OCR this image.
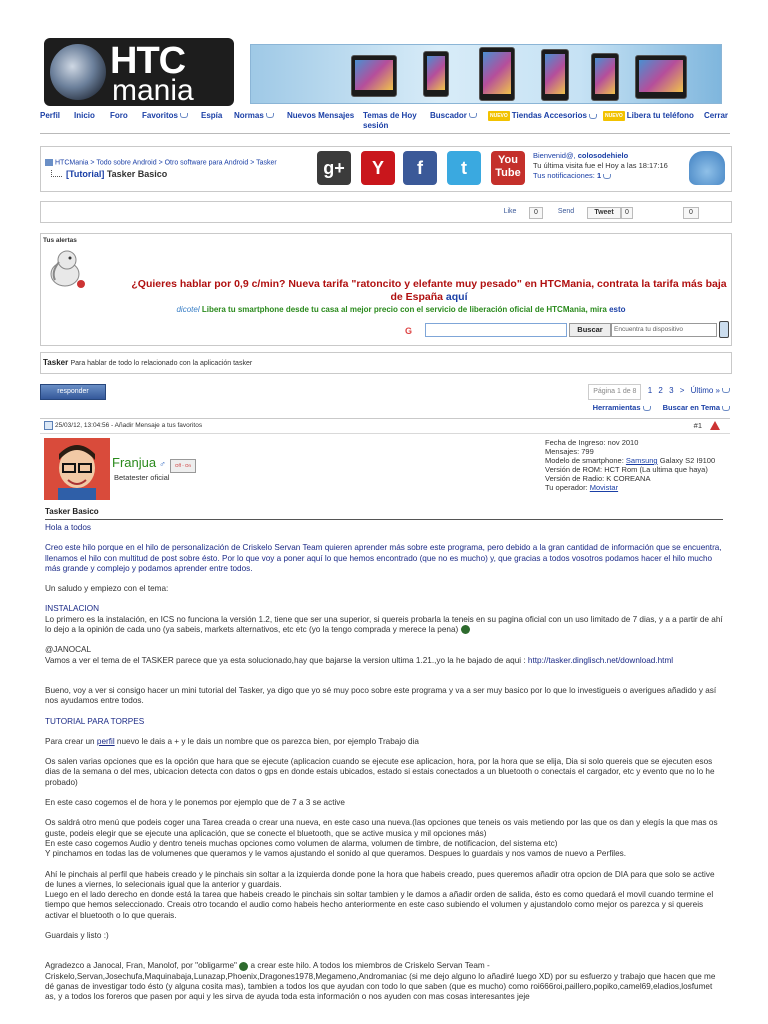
HTC
mania
Perfil Inicio Foro Favoritos	Espía Normas	Nuevos Mensajes Temas de Hoy sesión
Buscador	NUEVO Tiendas Accesorios	NUEVO Libera tu teléfono Cerrar
HTCMania > Todo sobre Android > Otro software para Android > Tasker
[Tutorial] Tasker Basico	g+	Y	f	t	You Tube
Bienvenid@, colosodehielo
Tu última visita fue el Hoy a las 18:17:16
Tus notificaciones: 1
Like	0	Send	Tweet	0	0
Tus alertas
¿Quieres hablar por 0,9 c/min? Nueva tarifa "ratoncito y elefante muy pesado" en HTCMania, contrata la tarifa más baja de España aquí
dicotel Libera tu smartphone desde tu casa al mejor precio con el servicio de liberación oficial de HTCMania, mira esto
G	Buscar	Encuentra tu dispositivo
Tasker Para hablar de todo lo relacionado con la aplicación tasker
responder	Página 1 de 8 1 2 3 > Último »
Herramientas	Buscar en Tema
25/03/12, 13:04:56 - Añadir Mensaje a tus favoritos	#1
Franjua ♂	Off - On
Betatester oficial
Fecha de Ingreso: nov 2010
Mensajes: 799
Modelo de smartphone: Samsung Galaxy S2 I9100
Versión de ROM: HCT Rom (La ultima que haya)
Versión de Radio: K COREANA
Tu operador: Movistar
Tasker Basico

Hola a todos

Creo este hilo porque en el hilo de personalización de Criskelo Servan Team quieren aprender más sobre este programa, pero debido a la gran cantidad de información que se encuentra, llenamos el hilo con multitud de post sobre ésto. Por lo que voy a poner aquí lo que hemos encontrado (que no es mucho) y, que gracias a todos vosotros podamos hacer el hilo mucho más grande y complejo y podamos aprender entre todos.

Un saludo y empiezo con el tema:

INSTALACION

Lo primero es la instalación, en ICS no funciona la versión 1.2, tiene que ser una superior, si quereis probarla la teneis en su pagina oficial con un uso limitado de 7 dias, y a a partir de ahí lo dejo a la opinión de cada uno (ya sabeis, markets alternativos, etc etc (yo la tengo comprada y merece la pena)

@JANOCAL

Vamos a ver el tema de el TASKER parece que ya esta solucionado,hay que bajarse la version ultima 1.21.,yo la he bajado de aqui : http://tasker.dinglisch.net/download.html

Bueno, voy a ver si consigo hacer un mini tutorial del Tasker, ya digo que yo sé muy poco sobre este programa y va a ser muy basico por lo que lo investigueis o averigues añadido y así nos ayudamos entre todos.

TUTORIAL PARA TORPES

Para crear un perfil nuevo le dais a + y le dais un nombre que os parezca bien, por ejemplo Trabajo dia

Os salen varias opciones que es la opción que hara que se ejecute (aplicacion cuando se ejecute ese aplicacion, hora, por la hora que se elija, Dia si solo quereis que se ejecuten esos dias de la semana o del mes, ubicacion detecta con datos o gps en donde estais ubicados, estado si estais conectados a un bluetooth o conectais el cargador, etc y evento que no lo he probado)

En este caso cogemos el de hora y le ponemos por ejemplo que de 7 a 3 se active

Os saldrá otro menú que podeis coger una Tarea creada o crear una nueva, en este caso una nueva.(las opciones que teneis os vais metiendo por las que os dan y elegís la que mas os guste, podeis elegir que se ejecute una aplicación, que se conecte el bluetooth, que se active musica y mil opciones más)

En este caso cogemos Audio y dentro teneis muchas opciones como volumen de alarma, volumen de timbre, de notificacion, del sistema etc)

Y pinchamos en todas las de volumenes que queramos y le vamos ajustando el sonido al que queramos. Despues lo guardais y nos vamos de nuevo a Perfiles.

Ahí le pinchais al perfil que habeis creado y le pinchais sin soltar a la izquierda donde pone la hora que habeis creado, pues queremos añadir otra opcion de DIA para que solo se active de lunes a viernes, lo selecionais igual que la anterior y guardais.

Luego en el lado derecho en donde está la tarea que habeis creado le pinchais sin soltar tambien y le damos a añadir orden de salida, ésto es como quedará el movil cuando termine el tiempo que hemos seleccionado. Creais otro tocando el audio como habeis hecho anteriormente en este caso subiendo el volumen y ajustandolo como mejor os parezca y si quereis activar el bluetooth o lo que querais.

Guardais y listo :)

Agradezco a Janocal, Fran, Manolof, por "obligarme" a crear este hilo. A todos los miembros de Criskelo Servan Team - Criskelo,Servan,Josechufa,Maquinabaja,Lunazap,Phoenix,Dragones1978,Megameno,Andromaniac (si me dejo alguno lo añadiré luego XD) por su esfuerzo y trabajo que hacen que me dé ganas de investigar todo ésto (y alguna cosita mas), tambien a todos los que ayudan con todo lo que saben (que es mucho) como roi666roi,paillero,popiko,camel69,eladios,losfumet as, y a todos los foreros que pasen por aqui y les sirva de ayuda toda esta información o nos ayuden con mas cosas interesantes jeje
